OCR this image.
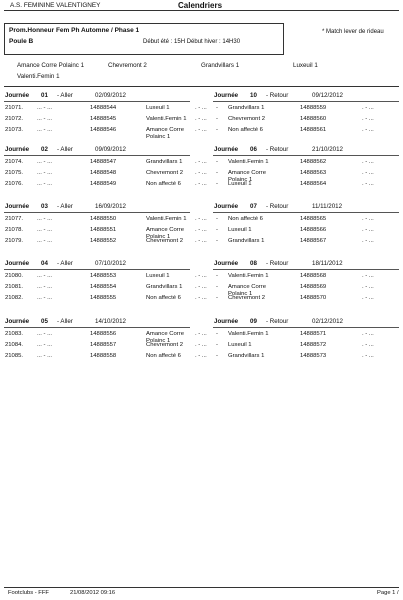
A.S. FEMININE VALENTIGNEY	Calendriers
Prom.Honneur Fem Ph Automne / Phase 1
Poule B	Début été : 15H Début hiver : 14H30
* Match lever de rideau
Amance Corre Polainc 1	Chevremont 2	Grandvillars 1	Luxeuil 1
Valenti.Femin 1
Journée 01 - Aller	02/09/2012
21071. ... - ...	14888544	Luxeuil 1	. - ...
21072. ... - ...	14888545	Valenti.Femin 1 . - ...
21073. ... - ...	14888546	Amance Corre Polainc 1
. - ...
Journée 02 - Aller	09/09/2012
21074. ... - ...	14888547	Grandvillars 1 . - ...
21075. ... - ...	14888548	Chevremont 2 . - ...
21076. ... - ...	14888549	Non affecté 6 . - ...
Journée 03 - Aller	16/09/2012
21077. ... - ...	14888550	Valenti.Femin 1 . - ...
21078. ... - ...	14888551	Amance Corre Polainc 1
. - ...
21079. ... - ...	14888552	Chevremont 2 . - ...
Journée 04 - Aller	07/10/2012
21080. ... - ...	14888553	Luxeuil 1	. - ...
21081. ... - ...	14888554	Grandvillars 1 . - ...
21082. ... - ...	14888555	Non affecté 6 . - ...
Journée 05 - Aller	14/10/2012
21083. ... - ...	14888556	Amance Corre Polainc 1
. - ...
21084. ... - ...	14888557	Chevremont 2 . - ...
21085. ... - ...	14888558	Non affecté 6 . - ...
Journée 10 - Retour	09/12/2012
- Grandvillars 1	14888559	. - ...
- Chevremont 2	14888560	. - ...
- Non affecté 6	14888561	. - ...
Journée 06 - Retour	21/10/2012
- Valenti.Femin 1	14888562	. - ...
- Amance Corre Polainc 1
14888563	. - ...
- Luxeuil 1	14888564	. - ...
Journée 07 - Retour	11/11/2012
- Non affecté 6	14888565	. - ...
- Luxeuil 1	14888566	. - ...
- Grandvillars 1	14888567	. - ...
Journée 08 - Retour	18/11/2012
- Valenti.Femin 1	14888568	. - ...
- Amance Corre Polainc 1
14888569	. - ...
- Chevremont 2	14888570	. - ...
Journée 09 - Retour	02/12/2012
- Valenti.Femin 1	14888571	. - ...
- Luxeuil 1	14888572	. - ...
- Grandvillars 1	14888573	. - ...
Footclubs - FFF	21/08/2012 09:16	Page 1 /
